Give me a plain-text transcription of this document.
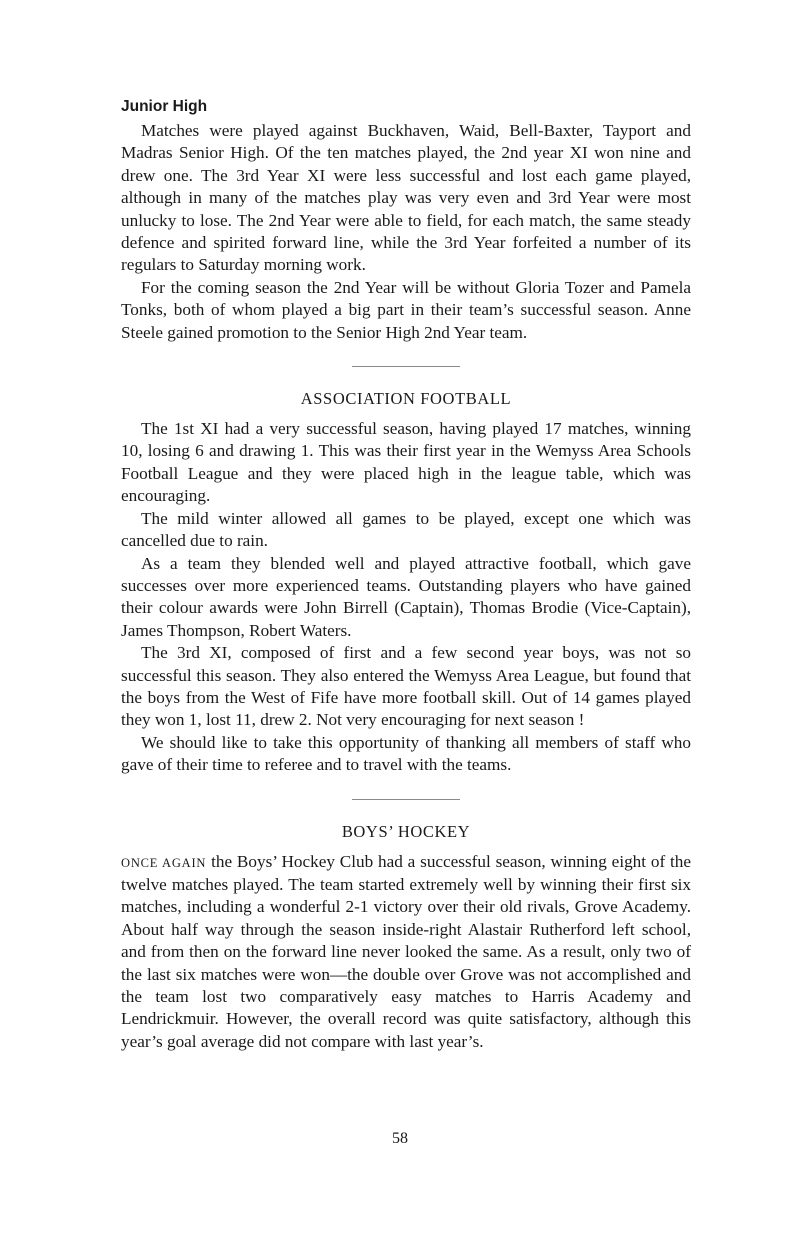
Junior High

Matches were played against Buckhaven, Waid, Bell-Baxter, Tayport and Madras Senior High. Of the ten matches played, the 2nd year XI won nine and drew one. The 3rd Year XI were less successful and lost each game played, although in many of the matches play was very even and 3rd Year were most unlucky to lose. The 2nd Year were able to field, for each match, the same steady defence and spirited forward line, while the 3rd Year forfeited a number of its regulars to Saturday morning work.

For the coming season the 2nd Year will be without Gloria Tozer and Pamela Tonks, both of whom played a big part in their team’s successful season. Anne Steele gained promotion to the Senior High 2nd Year team.

ASSOCIATION FOOTBALL

The 1st XI had a very successful season, having played 17 matches, winning 10, losing 6 and drawing 1. This was their first year in the Wemyss Area Schools Football League and they were placed high in the league table, which was encouraging.

The mild winter allowed all games to be played, except one which was cancelled due to rain.

As a team they blended well and played attractive football, which gave successes over more experienced teams. Outstanding players who have gained their colour awards were John Birrell (Captain), Thomas Brodie (Vice-Captain), James Thompson, Robert Waters.

The 3rd XI, composed of first and a few second year boys, was not so successful this season. They also entered the Wemyss Area League, but found that the boys from the West of Fife have more football skill. Out of 14 games played they won 1, lost 11, drew 2. Not very encouraging for next season !

We should like to take this opportunity of thanking all members of staff who gave of their time to referee and to travel with the teams.

BOYS’ HOCKEY

ONCE AGAIN the Boys’ Hockey Club had a successful season, winning eight of the twelve matches played. The team started extremely well by winning their first six matches, including a wonderful 2-1 victory over their old rivals, Grove Academy. About half way through the season inside-right Alastair Rutherford left school, and from then on the forward line never looked the same. As a result, only two of the last six matches were won—the double over Grove was not accomplished and the team lost two comparatively easy matches to Harris Academy and Lendrickmuir. However, the overall record was quite satisfactory, although this year’s goal average did not compare with last year’s.

58
